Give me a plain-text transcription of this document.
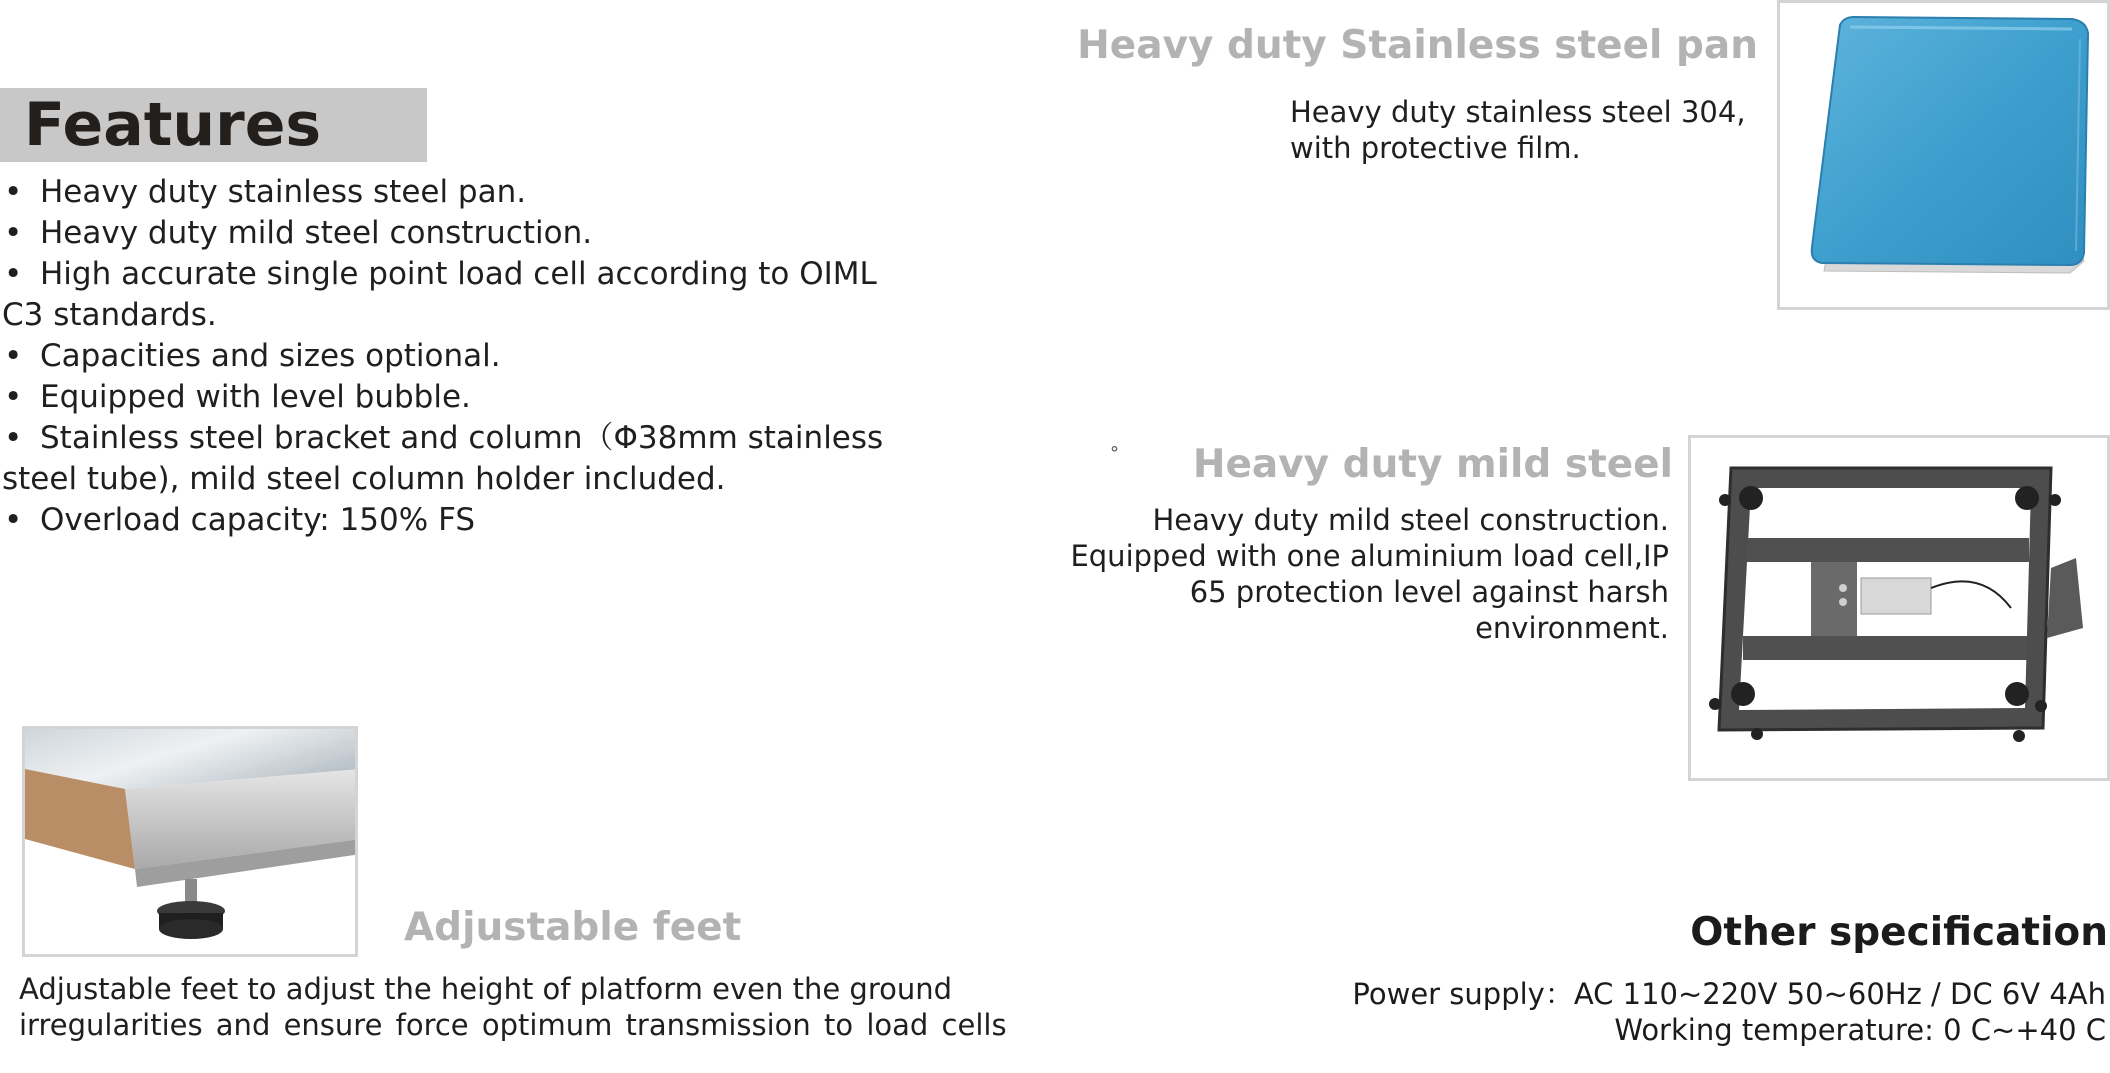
Features
• Heavy duty stainless steel pan.
• Heavy duty mild steel construction.
• High accurate single point load cell according to OIML
C3 standards.
• Capacities and sizes optional.
• Equipped with level bubble.
• Stainless steel bracket and column（Φ38mm stainless
steel tube), mild steel column holder included.
• Overload capacity: 150% FS
Heavy duty Stainless steel pan
Heavy duty stainless steel 304,
with protective film.
° Heavy duty mild steel
Heavy duty mild steel construction.
Equipped with one aluminium load cell,IP
65 protection level against harsh
environment.
Adjustable feet
Adjustable feet to adjust the height of platform even the ground
irregularities and ensure force optimum transmission to load cells
Other specification
Power supply：AC 110~220V 50~60Hz / DC 6V 4Ah
Working temperature: 0 C~+40 C
